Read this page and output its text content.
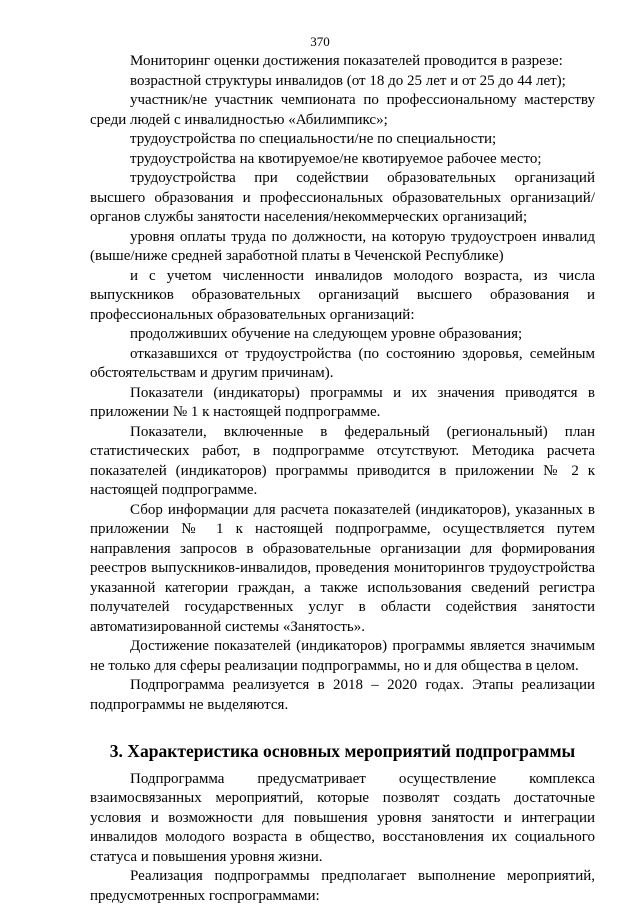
370

Мониторинг оценки достижения показателей проводится в разрезе:

возрастной структуры инвалидов (от 18 до 25 лет и от 25 до 44 лет);

участник/не участник чемпионата по профессиональному мастерству среди людей с инвалидностью «Абилимпикс»;

трудоустройства по специальности/не по специальности;

трудоустройства на квотируемое/не квотируемое рабочее место;

трудоустройства при содействии образовательных организаций высшего образования и профессиональных образовательных организаций/органов службы занятости населения/некоммерческих организаций;

уровня оплаты труда по должности, на которую трудоустроен инвалид (выше/ниже средней заработной платы в Чеченской Республике)

и с учетом численности инвалидов молодого возраста, из числа выпускников образовательных организаций высшего образования и профессиональных образовательных организаций:

продолживших обучение на следующем уровне образования;

отказавшихся от трудоустройства (по состоянию здоровья, семейным обстоятельствам и другим причинам).

Показатели (индикаторы) программы и их значения приводятся в приложении № 1 к настоящей подпрограмме.

Показатели, включенные в федеральный (региональный) план статистических работ, в подпрограмме отсутствуют. Методика расчета показателей (индикаторов) программы приводится в приложении № 2 к настоящей подпрограмме.

Сбор информации для расчета показателей (индикаторов), указанных в приложении № 1 к настоящей подпрограмме, осуществляется путем направления запросов в образовательные организации для формирования реестров выпускников-инвалидов, проведения мониторингов трудоустройства указанной категории граждан, а также использования сведений регистра получателей государственных услуг в области содействия занятости автоматизированной системы «Занятость».

Достижение показателей (индикаторов) программы является значимым не только для сферы реализации подпрограммы, но и для общества в целом.

Подпрограмма реализуется в 2018 – 2020 годах. Этапы реализации подпрограммы не выделяются.

3. Характеристика основных мероприятий подпрограммы

Подпрограмма предусматривает осуществление комплекса взаимосвязанных мероприятий, которые позволят создать достаточные условия и возможности для повышения уровня занятости и интеграции инвалидов молодого возраста в общество, восстановления их социального статуса и повышения уровня жизни.

Реализация подпрограммы предполагает выполнение мероприятий, предусмотренных госпрограммами:
